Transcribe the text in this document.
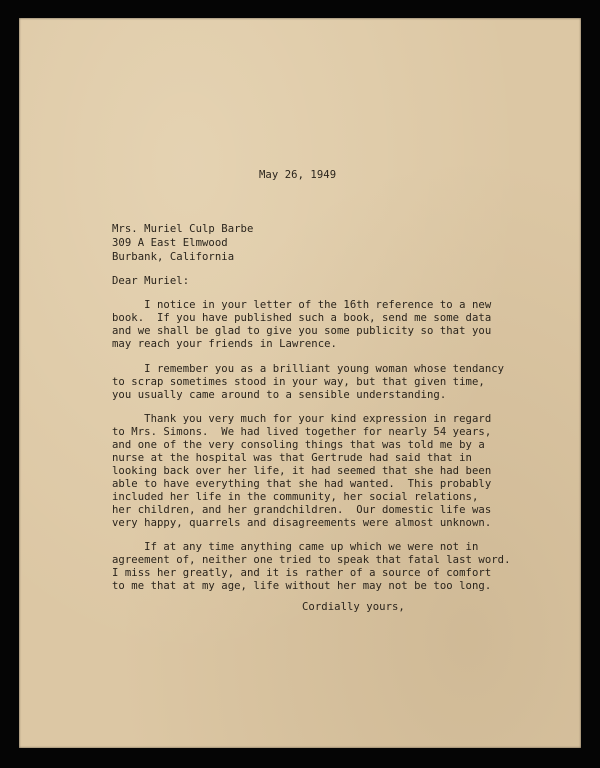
May 26, 1949

Mrs. Muriel Culp Barbe

309 A East Elmwood

Burbank, California

Dear Muriel:

I notice in your letter of the 16th reference to a new

book.  If you have published such a book, send me some data

and we shall be glad to give you some publicity so that you

may reach your friends in Lawrence.

I remember you as a brilliant young woman whose tendancy

to scrap sometimes stood in your way, but that given time,

you usually came around to a sensible understanding.

Thank you very much for your kind expression in regard

to Mrs. Simons.  We had lived together for nearly 54 years,

and one of the very consoling things that was told me by a

nurse at the hospital was that Gertrude had said that in

looking back over her life, it had seemed that she had been

able to have everything that she had wanted.  This probably

included her life in the community, her social relations,

her children, and her grandchildren.  Our domestic life was

very happy, quarrels and disagreements were almost unknown.

If at any time anything came up which we were not in

agreement of, neither one tried to speak that fatal last word.

I miss her greatly, and it is rather of a source of comfort

to me that at my age, life without her may not be too long.

Cordially yours,
